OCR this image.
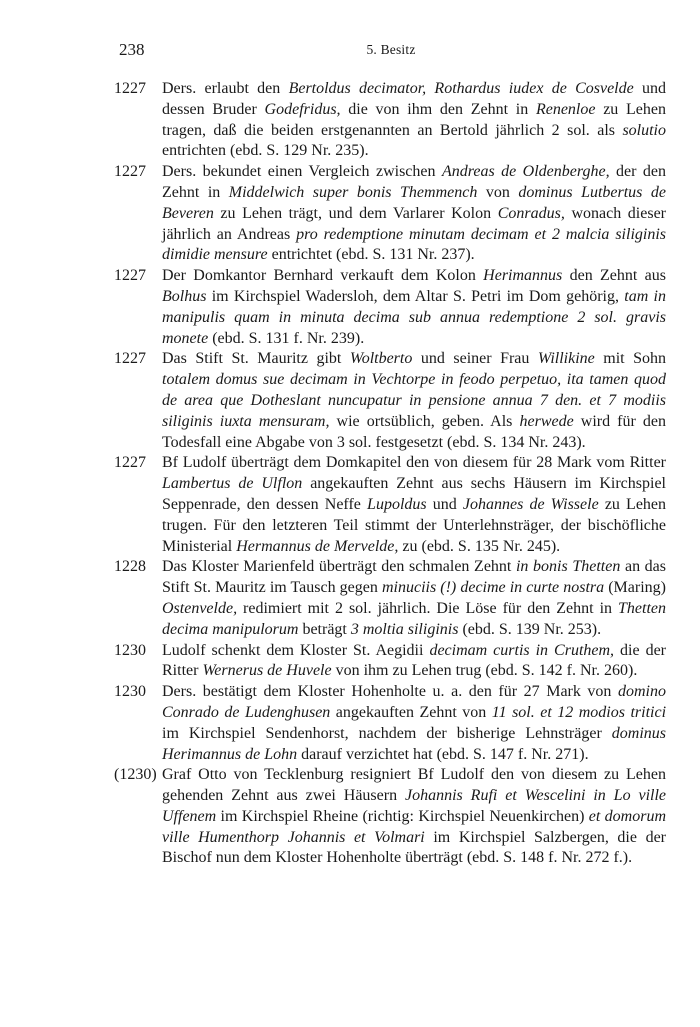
238	5. Besitz
1227	Ders. erlaubt den Bertoldus decimator, Rothardus iudex de Cosvelde und dessen Bruder Godefridus, die von ihm den Zehnt in Renenloe zu Lehen tragen, daß die beiden erstgenannten an Bertold jährlich 2 sol. als solutio entrichten (ebd. S. 129 Nr. 235).
1227	Ders. bekundet einen Vergleich zwischen Andreas de Oldenberghe, der den Zehnt in Middelwich super bonis Themmench von dominus Lutbertus de Beveren zu Lehen trägt, und dem Varlarer Kolon Conradus, wonach dieser jährlich an Andreas pro redemptione minutam decimam et 2 malcia siliginis dimidie mensure entrichtet (ebd. S. 131 Nr. 237).
1227	Der Domkantor Bernhard verkauft dem Kolon Herimannus den Zehnt aus Bolhus im Kirchspiel Wadersloh, dem Altar S. Petri im Dom gehörig, tam in manipulis quam in minuta decima sub annua redemptione 2 sol. gravis monete (ebd. S. 131 f. Nr. 239).
1227	Das Stift St. Mauritz gibt Woltberto und seiner Frau Willikine mit Sohn totalem domus sue decimam in Vechtorpe in feodo perpetuo, ita tamen quod de area que Dotheslant nuncupatur in pensione annua 7 den. et 7 modiis siliginis iuxta mensuram, wie ortsüblich, geben. Als herwede wird für den Todesfall eine Abgabe von 3 sol. festgesetzt (ebd. S. 134 Nr. 243).
1227	Bf Ludolf überträgt dem Domkapitel den von diesem für 28 Mark vom Ritter Lambertus de Ulflon angekauften Zehnt aus sechs Häusern im Kirchspiel Seppenrade, den dessen Neffe Lupoldus und Johannes de Wissele zu Lehen trugen. Für den letzteren Teil stimmt der Unterlehnsträger, der bischöfliche Ministerial Hermannus de Mervelde, zu (ebd. S. 135 Nr. 245).
1228	Das Kloster Marienfeld überträgt den schmalen Zehnt in bonis Thetten an das Stift St. Mauritz im Tausch gegen minuciis (!) decime in curte nostra (Maring) Ostenvelde, redimiert mit 2 sol. jährlich. Die Löse für den Zehnt in Thetten decima manipulorum beträgt 3 moltia siliginis (ebd. S. 139 Nr. 253).
1230	Ludolf schenkt dem Kloster St. Aegidii decimam curtis in Cruthem, die der Ritter Wernerus de Huvele von ihm zu Lehen trug (ebd. S. 142 f. Nr. 260).
1230	Ders. bestätigt dem Kloster Hohenholte u. a. den für 27 Mark von domino Conrado de Ludenghusen angekauften Zehnt von 11 sol. et 12 modios tritici im Kirchspiel Sendenhorst, nachdem der bisherige Lehnsträger dominus Herimannus de Lohn darauf verzichtet hat (ebd. S. 147 f. Nr. 271).
(1230) Graf Otto von Tecklenburg resigniert Bf Ludolf den von diesem zu Lehen gehenden Zehnt aus zwei Häusern Johannis Rufi et Wescelini in Lo ville Uffenem im Kirchspiel Rheine (richtig: Kirchspiel Neuenkirchen) et domorum ville Humenthorp Johannis et Volmari im Kirchspiel Salzbergen, die der Bischof nun dem Kloster Hohenholte überträgt (ebd. S. 148 f. Nr. 272 f.).
